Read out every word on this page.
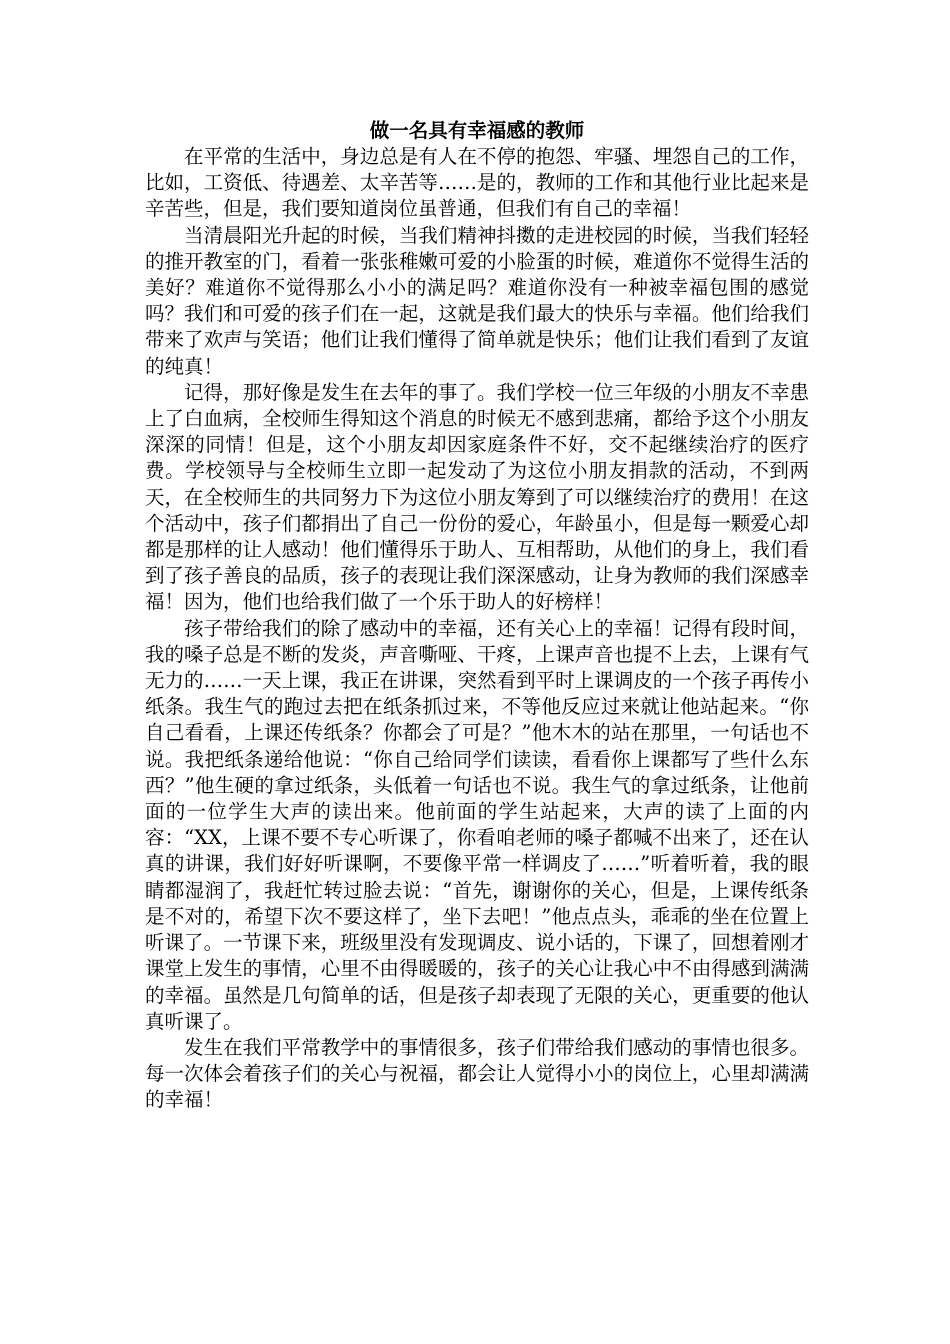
做一名具有幸福感的教师

在平常的生活中，身边总是有人在不停的抱怨、牢骚、埋怨自己的工作，比如，工资低、待遇差、太辛苦等……是的，教师的工作和其他行业比起来是辛苦些，但是，我们要知道岗位虽普通，但我们有自己的幸福！

当清晨阳光升起的时候，当我们精神抖擞的走进校园的时候，当我们轻轻的推开教室的门，看着一张张稚嫩可爱的小脸蛋的时候，难道你不觉得生活的美好？难道你不觉得那么小小的满足吗？难道你没有一种被幸福包围的感觉吗？我们和可爱的孩子们在一起，这就是我们最大的快乐与幸福。他们给我们带来了欢声与笑语；他们让我们懂得了简单就是快乐；他们让我们看到了友谊的纯真！

记得，那好像是发生在去年的事了。我们学校一位三年级的小朋友不幸患上了白血病，全校师生得知这个消息的时候无不感到悲痛，都给予这个小朋友深深的同情！但是，这个小朋友却因家庭条件不好，交不起继续治疗的医疗费。学校领导与全校师生立即一起发动了为这位小朋友捐款的活动，不到两天，在全校师生的共同努力下为这位小朋友筹到了可以继续治疗的费用！在这个活动中，孩子们都捐出了自己一份份的爱心，年龄虽小，但是每一颗爱心却都是那样的让人感动！他们懂得乐于助人、互相帮助，从他们的身上，我们看到了孩子善良的品质，孩子的表现让我们深深感动，让身为教师的我们深感幸福！因为，他们也给我们做了一个乐于助人的好榜样！

孩子带给我们的除了感动中的幸福，还有关心上的幸福！记得有段时间，我的嗓子总是不断的发炎，声音嘶哑、干疼，上课声音也提不上去，上课有气无力的……一天上课，我正在讲课，突然看到平时上课调皮的一个孩子再传小纸条。我生气的跑过去把在纸条抓过来，不等他反应过来就让他站起来。“你自己看看，上课还传纸条？你都会了可是？”他木木的站在那里，一句话也不说。我把纸条递给他说：“你自己给同学们读读，看看你上课都写了些什么东西？”他生硬的拿过纸条，头低着一句话也不说。我生气的拿过纸条，让他前面的一位学生大声的读出来。他前面的学生站起来，大声的读了上面的内容：“XX，上课不要不专心听课了，你看咱老师的嗓子都喊不出来了，还在认真的讲课，我们好好听课啊，不要像平常一样调皮了……”听着听着，我的眼睛都湿润了，我赶忙转过脸去说：“首先，谢谢你的关心，但是，上课传纸条是不对的，希望下次不要这样了，坐下去吧！”他点点头，乖乖的坐在位置上听课了。一节课下来，班级里没有发现调皮、说小话的，下课了，回想着刚才课堂上发生的事情，心里不由得暖暖的，孩子的关心让我心中不由得感到满满的幸福。虽然是几句简单的话，但是孩子却表现了无限的关心，更重要的他认真听课了。

发生在我们平常教学中的事情很多，孩子们带给我们感动的事情也很多。每一次体会着孩子们的关心与祝福，都会让人觉得小小的岗位上，心里却满满的幸福！
